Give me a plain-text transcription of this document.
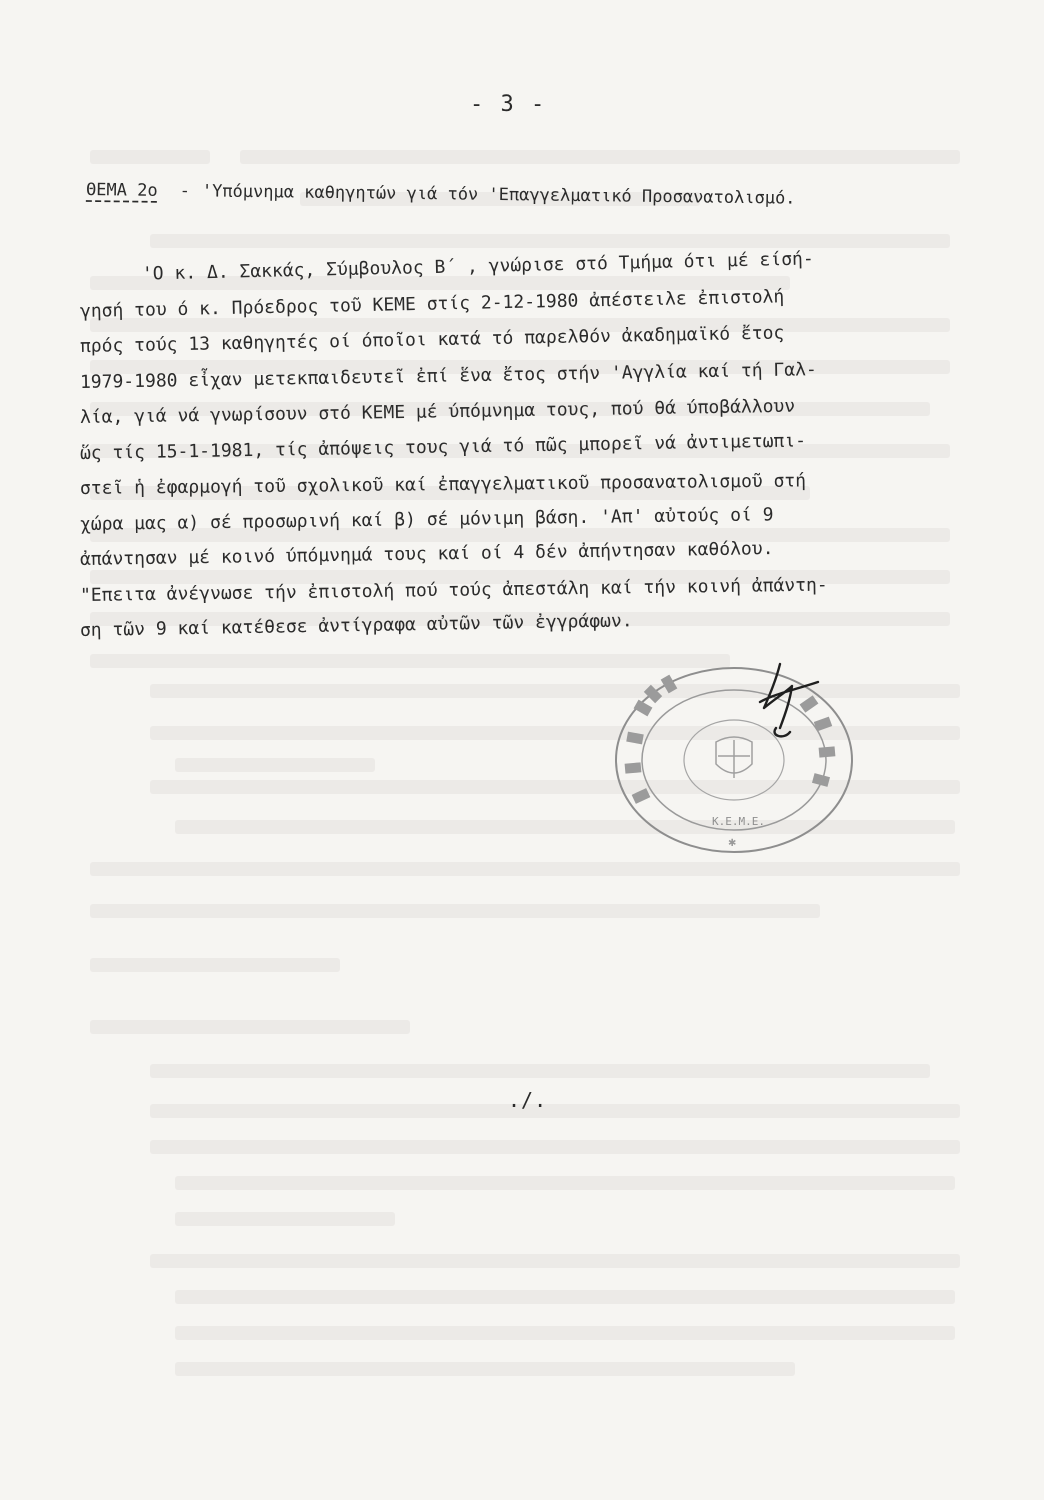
- 3 -
ΘΕΜΑ 2ο - 'Υπόμνημα καθηγητών γιά τόν 'Επαγγελματικό Προσανατολισμό.
'Ο κ. Δ. Σακκάς, Σύμβουλος Β΄ , γνώρισε στό Τμήμα ότι μέ είσή-
γησή του ό κ. Πρόεδρος τοῦ ΚΕΜΕ στίς 2-12-1980 ἀπέστειλε ἐπιστολή
πρός τούς 13 καθηγητές οί όποῖοι κατά τό παρελθόν ἀκαδημαϊκό ἔτος
1979-1980 εἶχαν μετεκπαιδευτεῖ ἐπί ἕνα ἔτος στήν 'Αγγλία καί τή Γαλ-
λία, γιά νά γνωρίσουν στό ΚΕΜΕ μέ ύπόμνημα τους, πού θά ύποβάλλουν
ὥς τίς 15-1-1981, τίς ἀπόψεις τους γιά τό πῶς μπορεῖ νά ἀντιμετωπι-
στεῖ ἡ ἐφαρμογή τοῦ σχολικοῦ καί ἐπαγγελματικοῦ προσανατολισμοῦ στή
χώρα μας α) σέ προσωρινή καί β) σέ μόνιμη βάση. 'Απ' αὐτούς οί 9
ἀπάντησαν μέ κοινό ύπόμνημά τους καί οί 4 δέν ἀπήντησαν καθόλου.
"Επειτα ἀνέγνωσε τήν ἐπιστολή πού τούς ἀπεστάλη καί τήν κοινή ἀπάντη-
ση τῶν 9 καί κατέθεσε ἀντίγραφα αὐτῶν τῶν ἐγγράφων.
Κ.Ε.Μ.Ε.
✱
./.
